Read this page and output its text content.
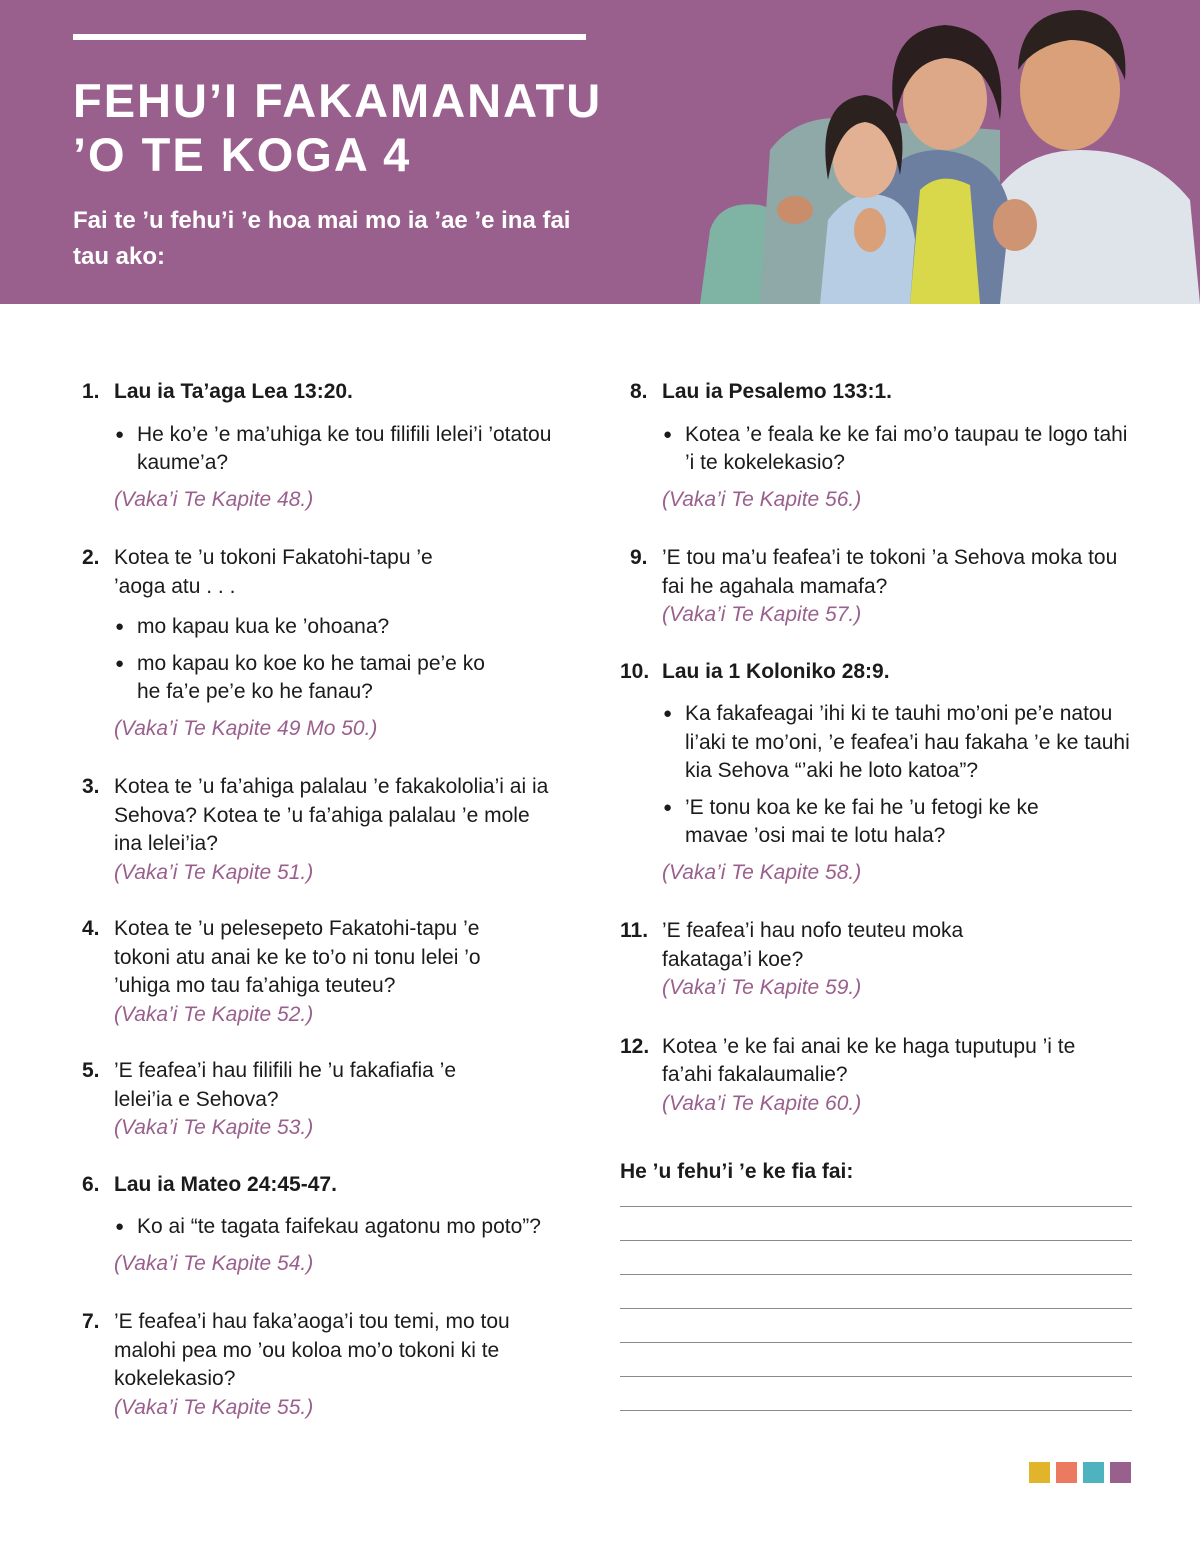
FEHU’I FAKAMANATU
’O TE KOGA 4

Fai te ’u fehu’i ’e hoa mai mo ia ’ae ’e ina fai tau ako:

1. Lau ia Ta’aga Lea 13:20.
● He ko’e ’e ma’uhiga ke tou filifili lelei’i ’otatou kaume’a?
(Vaka’i Te Kapite 48.)
2. Kotea te ’u tokoni Fakatohi-tapu ’e ’aoga atu . . .
● mo kapau kua ke ’ohoana?
● mo kapau ko koe ko he tamai pe’e ko he fa’e pe’e ko he fanau?
(Vaka’i Te Kapite 49 Mo 50.)
3. Kotea te ’u fa’ahiga palalau ’e fakakololia’i ai ia Sehova? Kotea te ’u fa’ahiga palalau ’e mole ina lelei’ia?
(Vaka’i Te Kapite 51.)
4. Kotea te ’u pelesepeto Fakatohi-tapu ’e tokoni atu anai ke ke to’o ni tonu lelei ’o ’uhiga mo tau fa’ahiga teuteu?
(Vaka’i Te Kapite 52.)
5. ’E feafea’i hau filifili he ’u fakafiafia ’e lelei’ia e Sehova?
(Vaka’i Te Kapite 53.)
6. Lau ia Mateo 24:45-47.
● Ko ai “te tagata faifekau agatonu mo poto”?
(Vaka’i Te Kapite 54.)
7. ’E feafea’i hau faka’aoga’i tou temi, mo tou malohi pea mo ’ou koloa mo’o tokoni ki te kokelekasio?
(Vaka’i Te Kapite 55.)
8. Lau ia Pesalemo 133:1.
● Kotea ’e feala ke ke fai mo’o taupau te logo tahi ’i te kokelekasio?
(Vaka’i Te Kapite 56.)
9. ’E tou ma’u feafea’i te tokoni ’a Sehova moka tou fai he agahala mamafa?
(Vaka’i Te Kapite 57.)
10. Lau ia 1 Koloniko 28:9.
● Ka fakafeagai ’ihi ki te tauhi mo’oni pe’e natou li’aki te mo’oni, ’e feafea’i hau fakaha ’e ke tauhi kia Sehova “’aki he loto katoa”?
● ’E tonu koa ke ke fai he ’u fetogi ke ke mavae ’osi mai te lotu hala?
(Vaka’i Te Kapite 58.)
11. ’E feafea’i hau nofo teuteu moka fakataga’i koe?
(Vaka’i Te Kapite 59.)
12. Kotea ’e ke fai anai ke ke haga tuputupu ’i te fa’ahi fakalaumalie?
(Vaka’i Te Kapite 60.)
He ’u fehu’i ’e ke fia fai:
